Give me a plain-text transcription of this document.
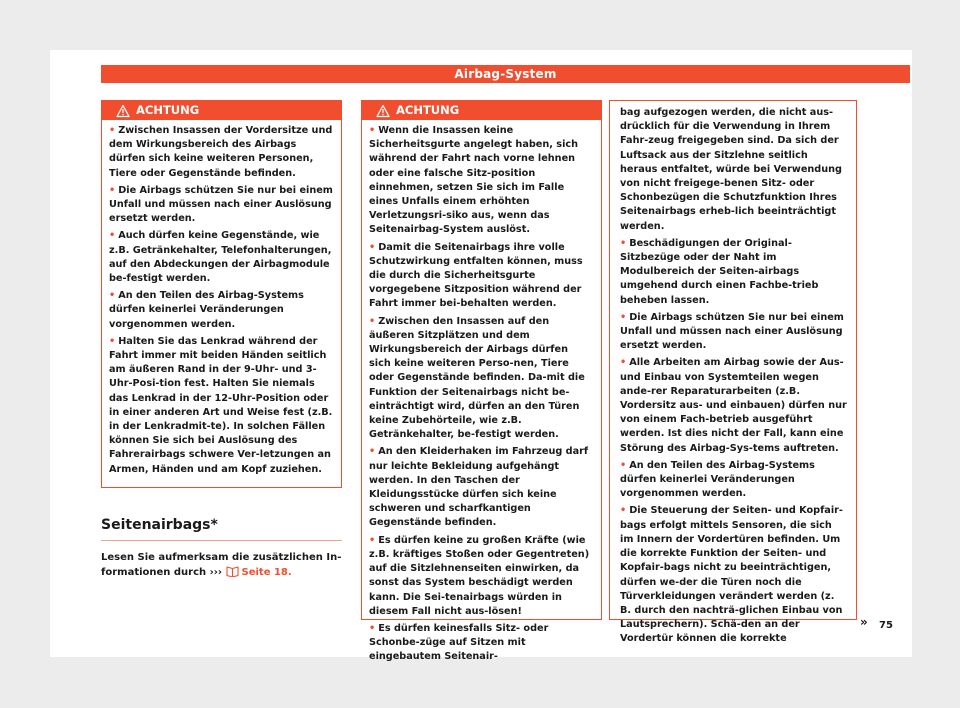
Airbag-System
ACHTUNG
• Zwischen Insassen der Vordersitze und dem Wirkungsbereich des Airbags dürfen sich keine weiteren Personen, Tiere oder Gegenstände befinden.
• Die Airbags schützen Sie nur bei einem Unfall und müssen nach einer Auslösung ersetzt werden.
• Auch dürfen keine Gegenstände, wie z.B. Getränkehalter, Telefonhalterungen, auf den Abdeckungen der Airbagmodule be-festigt werden.
• An den Teilen des Airbag-Systems dürfen keinerlei Veränderungen vorgenommen werden.
• Halten Sie das Lenkrad während der Fahrt immer mit beiden Händen seitlich am äußeren Rand in der 9-Uhr- und 3-Uhr-Posi-tion fest. Halten Sie niemals das Lenkrad in der 12-Uhr-Position oder in einer anderen Art und Weise fest (z.B. in der Lenkradmit-te). In solchen Fällen können Sie sich bei Auslösung des Fahrerairbags schwere Ver-letzungen an Armen, Händen und am Kopf zuziehen.
Seitenairbags*
Lesen Sie aufmerksam die zusätzlichen In-formationen durch ››› Seite 18.
ACHTUNG
• Wenn die Insassen keine Sicherheitsgurte angelegt haben, sich während der Fahrt nach vorne lehnen oder eine falsche Sitz-position einnehmen, setzen Sie sich im Falle eines Unfalls einem erhöhten Verletzungsri-siko aus, wenn das Seitenairbag-System auslöst.
• Damit die Seitenairbags ihre volle Schutzwirkung entfalten können, muss die durch die Sicherheitsgurte vorgegebene Sitzposition während der Fahrt immer bei-behalten werden.
• Zwischen den Insassen auf den äußeren Sitzplätzen und dem Wirkungsbereich der Airbags dürfen sich keine weiteren Perso-nen, Tiere oder Gegenstände befinden. Da-mit die Funktion der Seitenairbags nicht be-einträchtigt wird, dürfen an den Türen keine Zubehörteile, wie z.B. Getränkehalter, be-festigt werden.
• An den Kleiderhaken im Fahrzeug darf nur leichte Bekleidung aufgehängt werden. In den Taschen der Kleidungsstücke dürfen sich keine schweren und scharfkantigen Gegenstände befinden.
• Es dürfen keine zu großen Kräfte (wie z.B. kräftiges Stoßen oder Gegentreten) auf die Sitzlehnenseiten einwirken, da sonst das System beschädigt werden kann. Die Sei-tenairbags würden in diesem Fall nicht aus-lösen!
• Es dürfen keinesfalls Sitz- oder Schonbe-züge auf Sitzen mit eingebautem Seitenair-
bag aufgezogen werden, die nicht aus-drücklich für die Verwendung in Ihrem Fahr-zeug freigegeben sind. Da sich der Luftsack aus der Sitzlehne seitlich heraus entfaltet, würde bei Verwendung von nicht freigege-benen Sitz- oder Schonbezügen die Schutzfunktion Ihres Seitenairbags erheb-lich beeinträchtigt werden.
• Beschädigungen der Original-Sitzbezüge oder der Naht im Modulbereich der Seiten-airbags umgehend durch einen Fachbe-trieb beheben lassen.
• Die Airbags schützen Sie nur bei einem Unfall und müssen nach einer Auslösung ersetzt werden.
• Alle Arbeiten am Airbag sowie der Aus- und Einbau von Systemteilen wegen ande-rer Reparaturarbeiten (z.B. Vordersitz aus- und einbauen) dürfen nur von einem Fach-betrieb ausgeführt werden. Ist dies nicht der Fall, kann eine Störung des Airbag-Sys-tems auftreten.
• An den Teilen des Airbag-Systems dürfen keinerlei Veränderungen vorgenommen werden.
• Die Steuerung der Seiten- und Kopfair-bags erfolgt mittels Sensoren, die sich im Innern der Vordertüren befinden. Um die korrekte Funktion der Seiten- und Kopfair-bags nicht zu beeinträchtigen, dürfen we-der die Türen noch die Türverkleidungen verändert werden (z. B. durch den nachträ-glichen Einbau von Lautsprechern). Schä-den an der Vordertür können die korrekte
» 75
